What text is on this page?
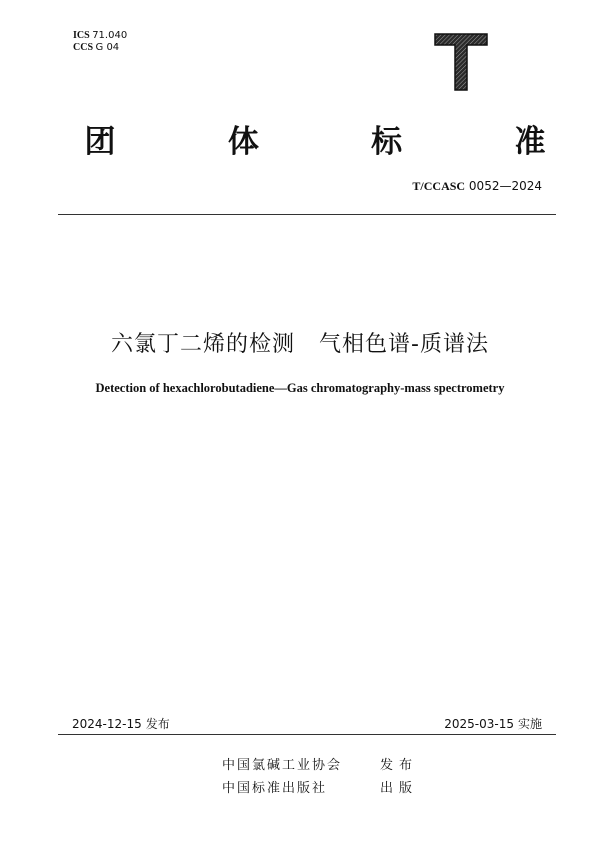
ICS 71.040
CCS G 04
团	体	标	准
T/CCASC 0052—2024
六氯丁二烯的检测   气相色谱-质谱法
Detection of hexachlorobutadiene—Gas chromatography-mass spectrometry
2024-12-15 发布	2025-03-15 实施
中国氯碱工业协会	发布
中国标准出版社	出版
